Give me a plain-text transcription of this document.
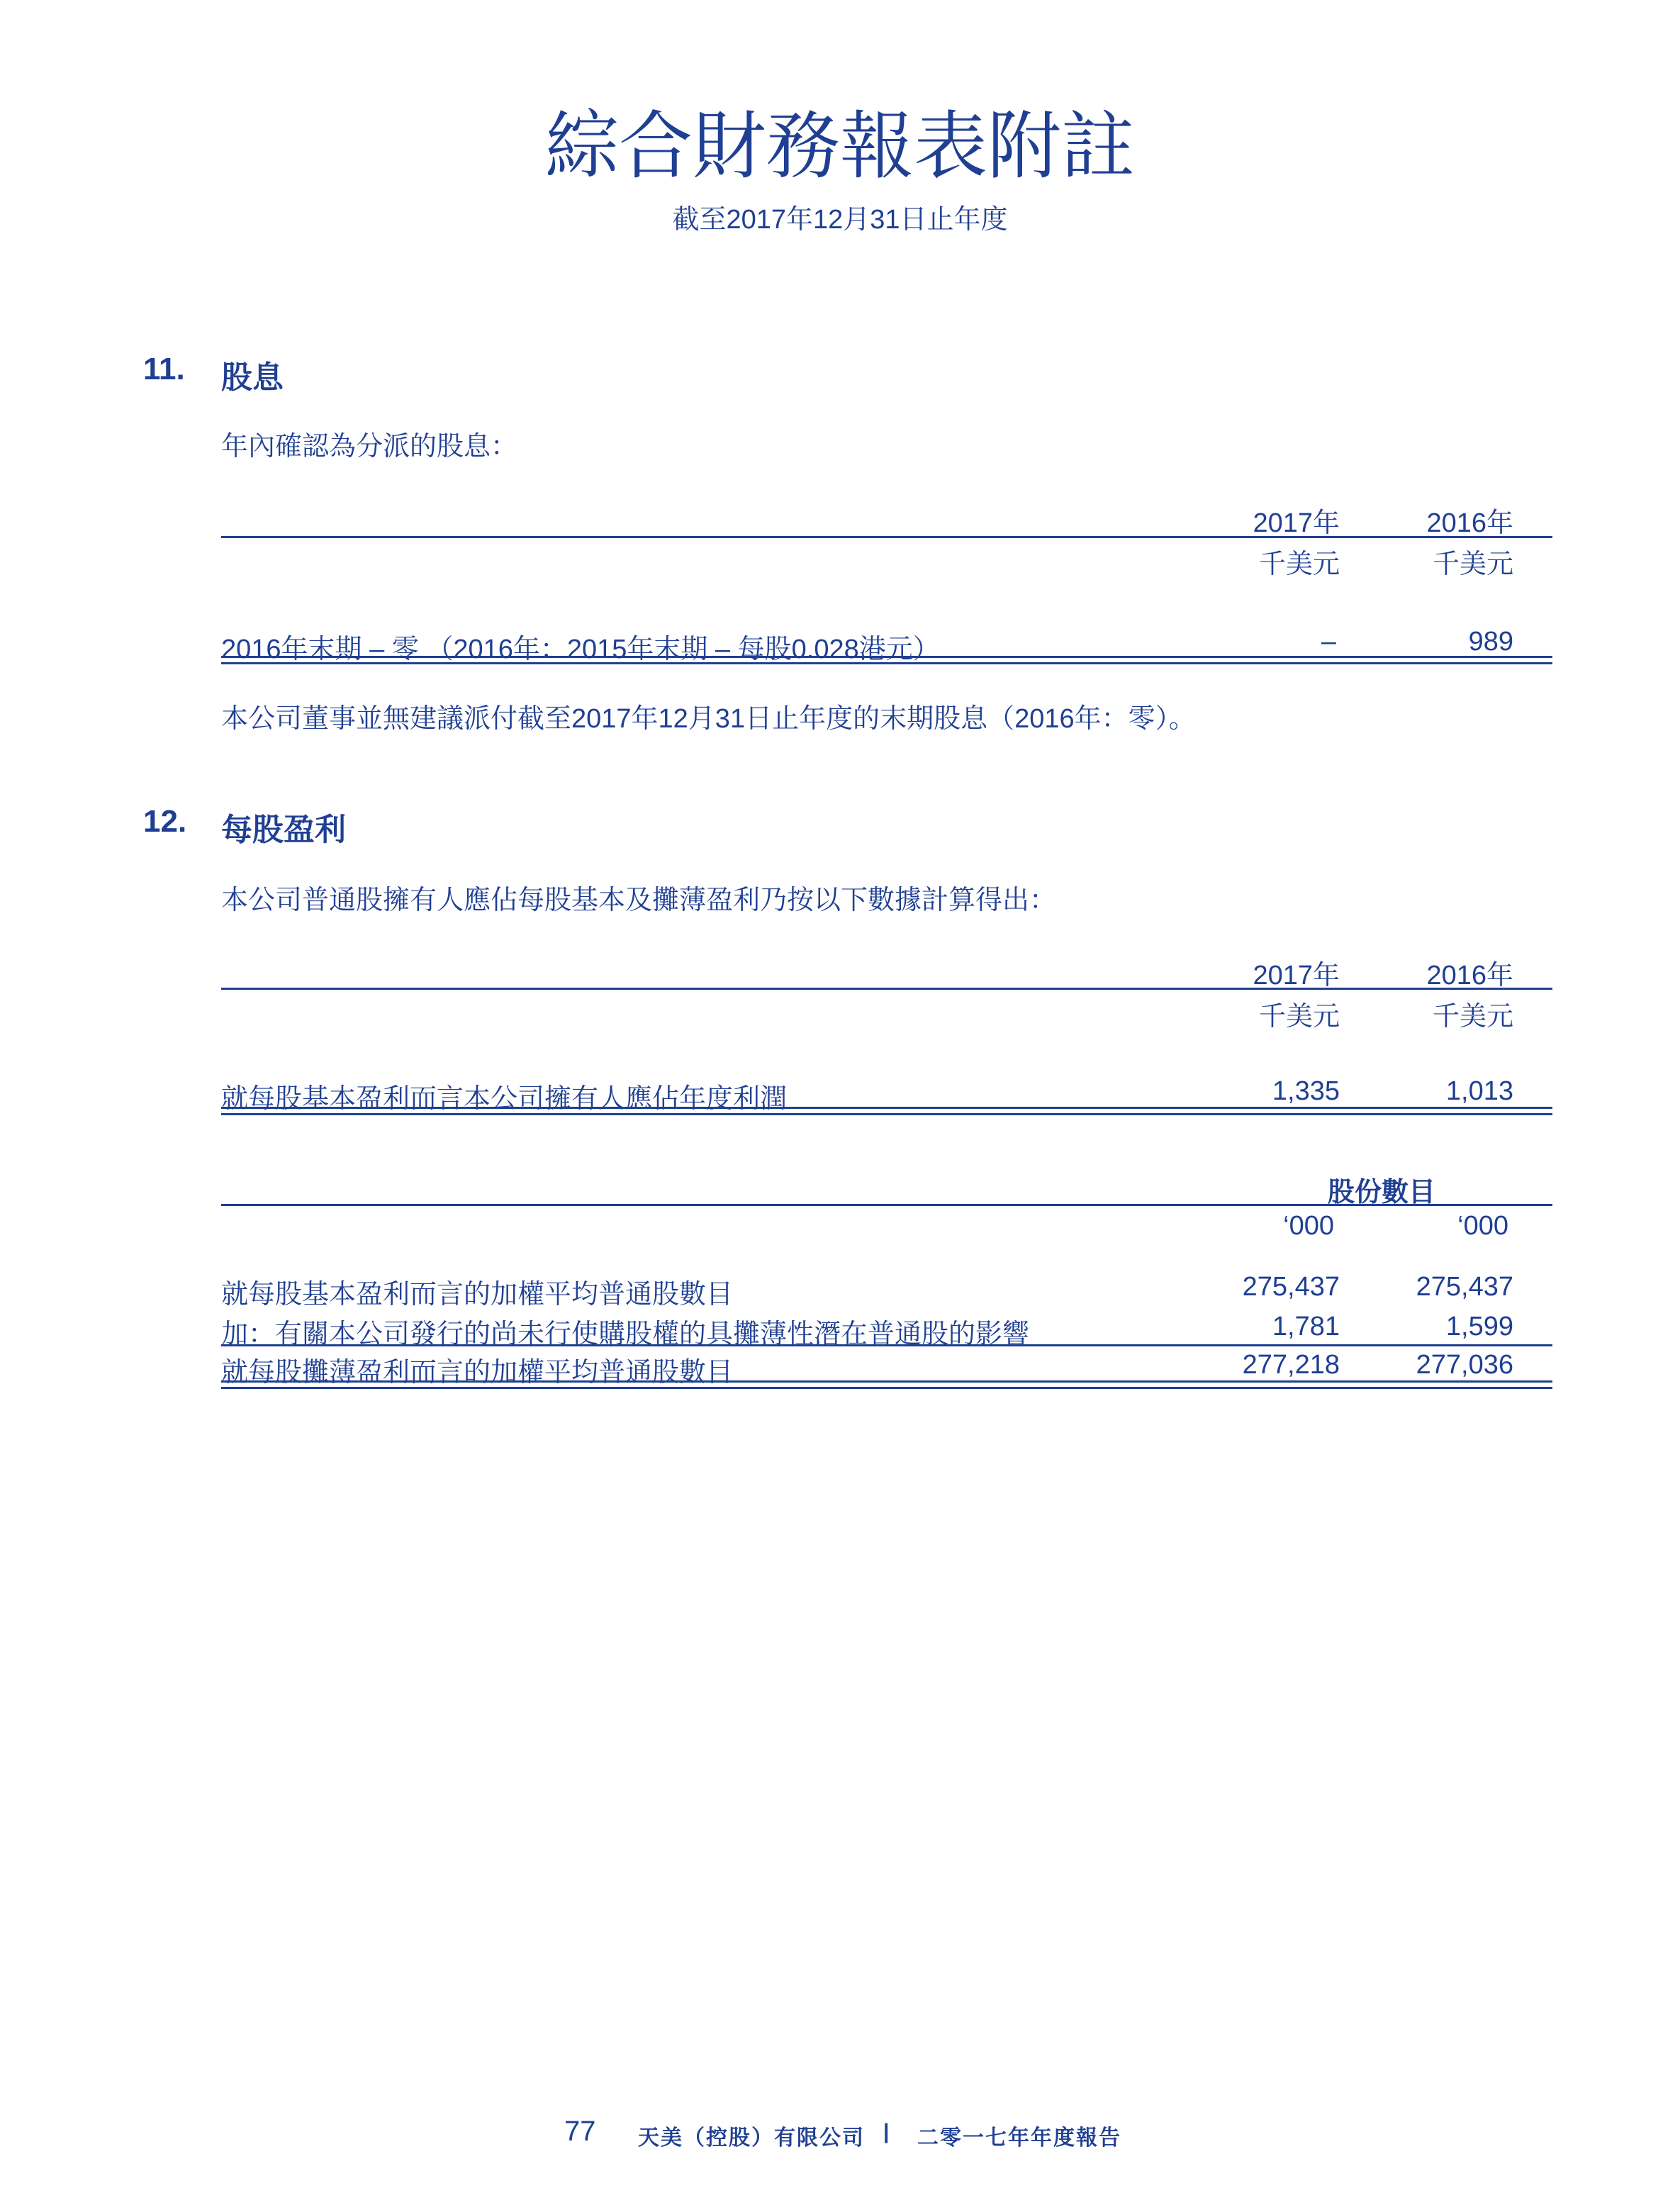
綜合財務報表附註
截至2017年12月31日止年度
11. 股息
年內確認為分派的股息：
2017年	2016年
千美元	千美元
2016年末期 – 零 （2016年：2015年末期 – 每股0.028港元）	–	989
本公司董事並無建議派付截至2017年12月31日止年度的末期股息（2016年：零）。
12. 每股盈利
本公司普通股擁有人應佔每股基本及攤薄盈利乃按以下數據計算得出：
2017年	2016年
千美元	千美元
就每股基本盈利而言本公司擁有人應佔年度利潤	1,335	1,013
股份數目
‘000	‘000
就每股基本盈利而言的加權平均普通股數目	275,437	275,437
加：有關本公司發行的尚未行使購股權的具攤薄性潛在普通股的影響	1,781	1,599
就每股攤薄盈利而言的加權平均普通股數目	277,218	277,036
77 天美（控股）有限公司 | 二零一七年年度報告
